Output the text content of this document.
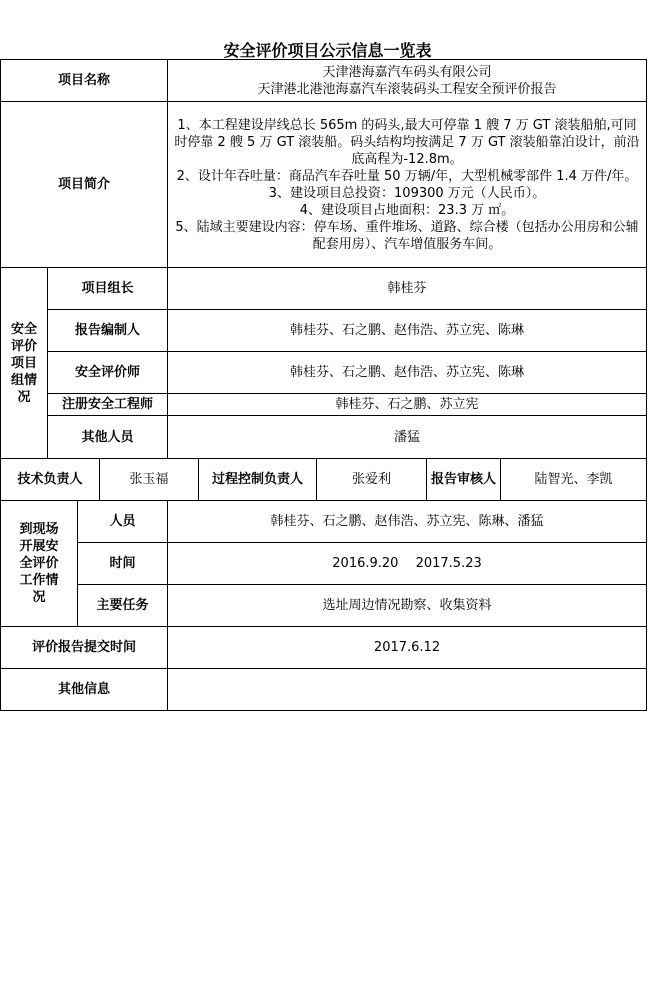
安全评价项目公示信息一览表
项目名称				天津港海嘉汽车码头有限公司
天津港北港池海嘉汽车滚装码头工程安全预评价报告				

项目简介				1、本工程建设岸线总长 565m 的码头,最大可停靠 1 艘 7 万 GT 滚装船舶,可同时停靠 2 艘 5 万 GT 滚装船。码头结构均按满足 7 万 GT 滚装船靠泊设计，前沿底高程为-12.8m。
2、设计年吞吐量：商品汽车吞吐量 50 万辆/年，大型机械零部件 1.4 万件/年。
3、建设项目总投资：109300 万元（人民币）。
4、建设项目占地面积：23.3 万 ㎡。
5、陆域主要建设内容：停车场、重件堆场、道路、综合楼（包括办公用房和公辅配套用房）、汽车增值服务车间。				

安全
评价
项目
组情
况	项目组长			韩桂芬				
	报告编制人			韩桂芬、石之鹏、赵伟浩、苏立宪、陈琳				
	安全评价师			韩桂芬、石之鹏、赵伟浩、苏立宪、陈琳				
	注册安全工程师			韩桂芬、石之鹏、苏立宪				
	其他人员			潘猛				
技术负责人			张玉福		过程控制负责人	张爱利	报告审核人	陆智光、李凯

到现场
开展安
全评价
工作情
况		人员		韩桂芬、石之鹏、赵伟浩、苏立宪、陈琳、潘猛				
		时间		2016.9.20　 2017.5.23				
		主要任务		选址周边情况勘察、收集资料				
评价报告提交时间				2017.6.12				
其他信息								
